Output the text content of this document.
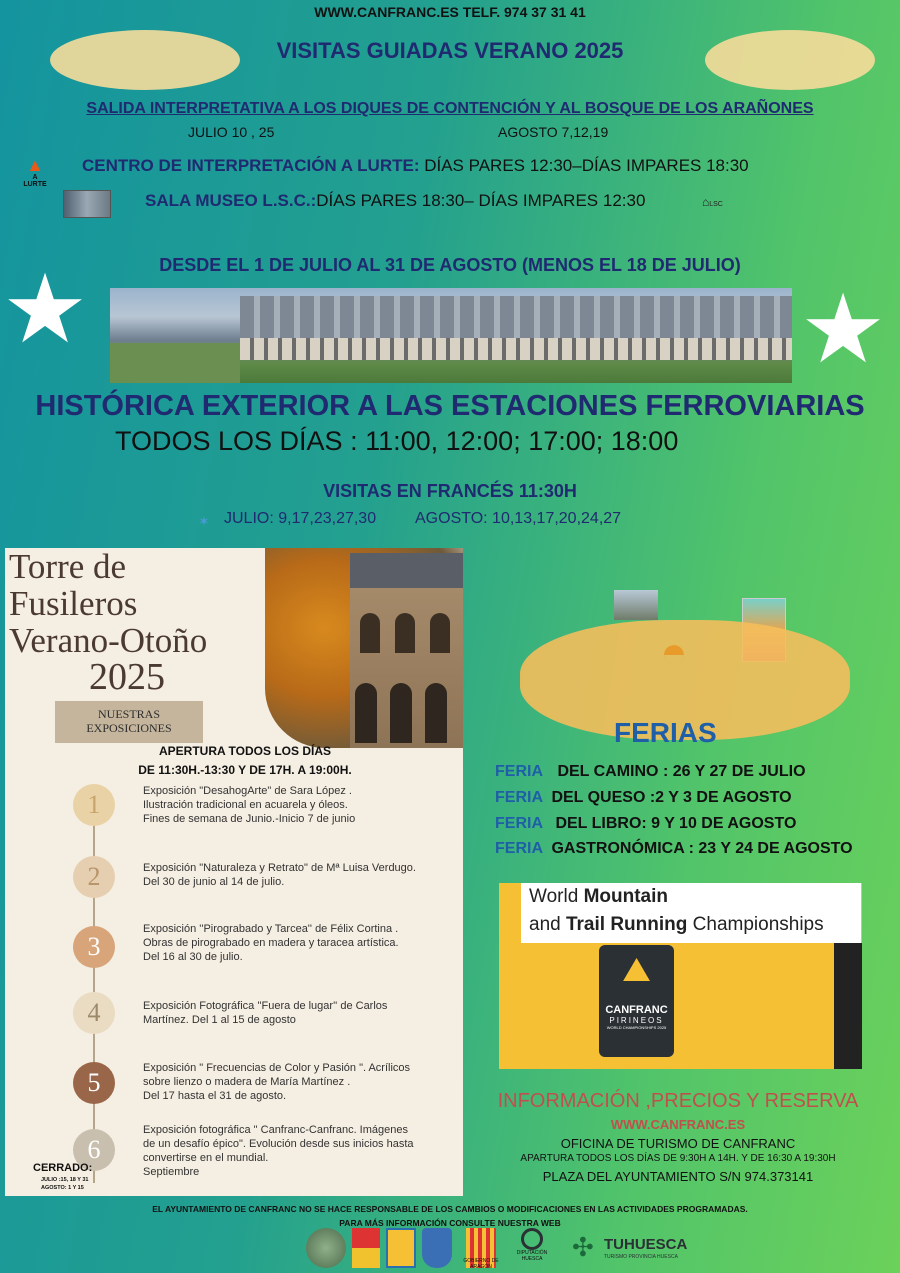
WWW.CANFRANC.ES TELF. 974 37 31 41
VISITAS GUIADAS VERANO 2025
SALIDA INTERPRETATIVA A LOS DIQUES DE CONTENCIÓN Y AL BOSQUE DE LOS ARAÑONES
JULIO 10 , 25	AGOSTO 7,12,19
▲
A LURTE
CENTRO DE INTERPRETACIÓN A LURTE: DÍAS PARES 12:30–DÍAS IMPARES 18:30
SALA MUSEO L.S.C.:DÍAS PARES 18:30– DÍAS IMPARES 12:30	⌂LSC
DESDE EL 1 DE JULIO AL 31 DE AGOSTO (MENOS EL 18 DE JULIO)
★	★
HISTÓRICA EXTERIOR A LAS ESTACIONES FERROVIARIAS
TODOS LOS DÍAS : 11:00, 12:00; 17:00; 18:00
VISITAS EN FRANCÉS 11:30H
✶ JULIO: 9,17,23,27,30 AGOSTO: 10,13,17,20,24,27
Torre de
Fusileros
Verano-Otoño
2025
NUESTRAS
EXPOSICIONES
APERTURA TODOS LOS DÍAS
DE 11:30H.-13:30 Y DE 17H. A 19:00H.
1	Exposición "DesahogArte" de Sara López .
Ilustración tradicional en acuarela y óleos.
Fines de semana de Junio.-Inicio 7 de junio
2	Exposición "Naturaleza y Retrato" de Mª Luisa Verdugo.
Del 30 de junio al 14 de julio.
3
Exposición ''Pirograbado y Tarcea'' de Félix Cortina .
Obras de pirograbado en madera y taracea artística.
Del 16 al 30 de julio.
4	Exposición Fotográfica ''Fuera de lugar'' de Carlos
Martínez. Del 1 al 15 de agosto
5	Exposición " Frecuencias de Color y Pasión ". Acrílicos
sobre lienzo o madera de María Martínez .
Del 17 hasta el 31 de agosto.
6
Exposición fotográfica " Canfranc-Canfranc. Imágenes
de un desafío épico". Evolución desde sus inicios hasta
convertirse en el mundial.
Septiembre
CERRADO:
JULIO :15, 18 Y 31
AGOSTO: 1 Y 15
◓
FERIAS
FERIA DEL CAMINO : 26 Y 27 DE JULIO
FERIA DEL QUESO :2 Y 3 DE AGOSTO
FERIA DEL LIBRO: 9 Y 10 DE AGOSTO
FERIA GASTRONÓMICA : 23 Y 24 DE AGOSTO
World Mountain
and Trail Running Championships
⛰
CANFRANC
PIRINEOS
WORLD CHAMPIONSHIPS 2025
INFORMACIÓN ,PRECIOS Y RESERVA
WWW.CANFRANC.ES
OFICINA DE TURISMO DE CANFRANC
APARTURA TODOS LOS DÍAS DE 9:30H A 14H. Y DE 16:30 A 19:30H
PLAZA DEL AYUNTAMIENTO S/N 974.373141
EL AYUNTAMIENTO DE CANFRANC NO SE HACE RESPONSABLE DE LOS CAMBIOS O MODIFICACIONES EN LAS ACTIVIDADES PROGRAMADAS.
PARA MÁS INFORMACIÓN CONSULTE NUESTRA WEB
GOBIERNO DE ARAGÓN
DIPUTACIÓN HUESCA	✣ TUHUESCA
TURISMO PROVINCIA HUESCA
